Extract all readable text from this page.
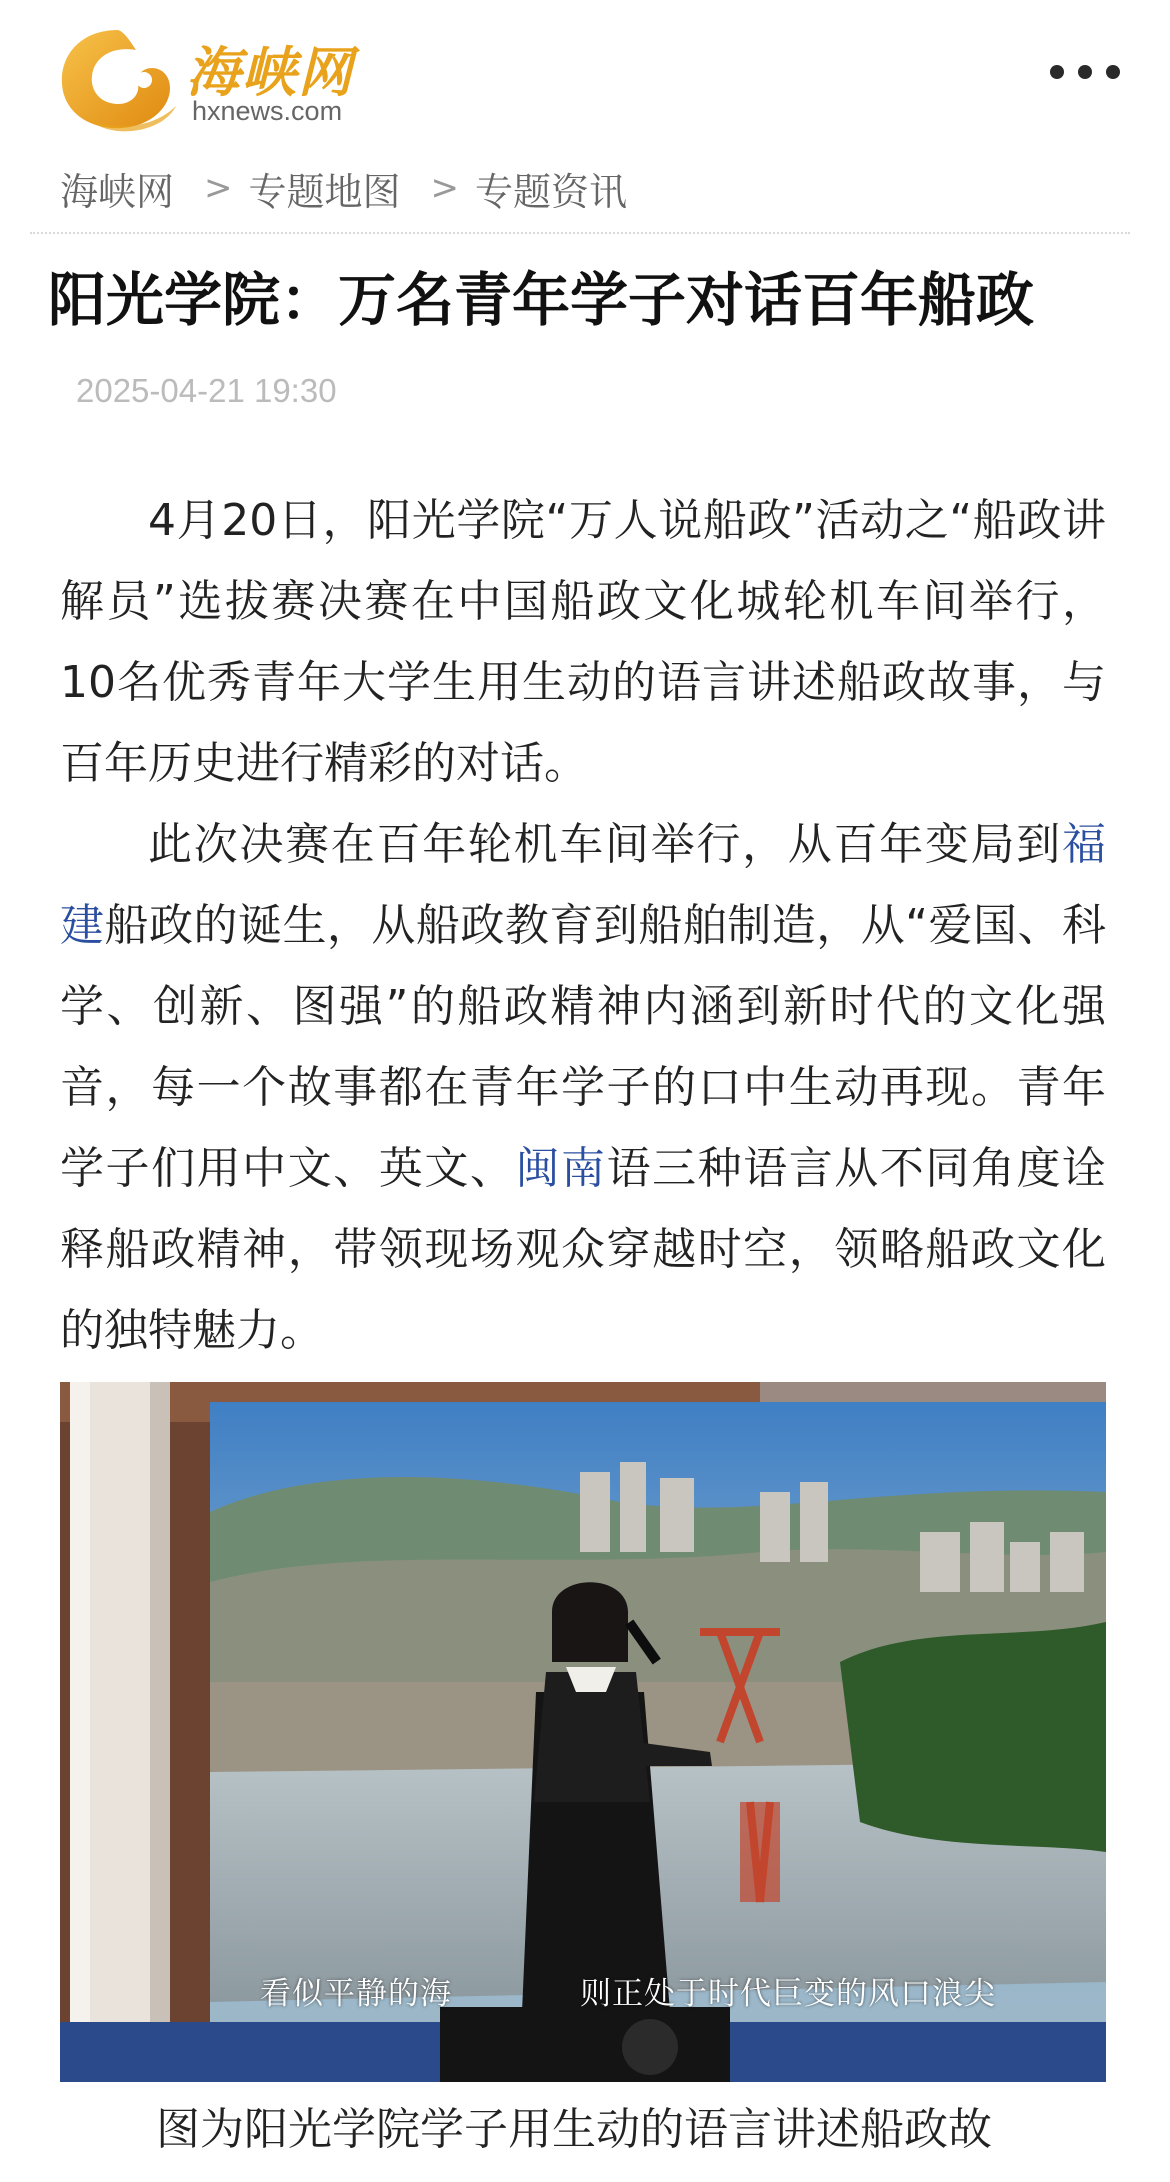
海峡网
hxnews.com
海峡网 > 专题地图 > 专题资讯
阳光学院：万名青年学子对话百年船政
2025-04-21 19:30

4月20日，阳光学院“万人说船政”活动之“船政讲解员”选拔赛决赛在中国船政文化城轮机车间举行，10名优秀青年大学生用生动的语言讲述船政故事，与百年历史进行精彩的对话。

此次决赛在百年轮机车间举行，从百年变局到福建船政的诞生，从船政教育到船舶制造，从“爱国、科学、创新、图强”的船政精神内涵到新时代的文化强音，每一个故事都在青年学子的口中生动再现。青年学子们用中文、英文、闽南语三种语言从不同角度诠释船政精神，带领现场观众穿越时空，领略船政文化的独特魅力。

看似平静的海　　　　则正处于时代巨变的风口浪尖
图为阳光学院学子用生动的语言讲述船政故
